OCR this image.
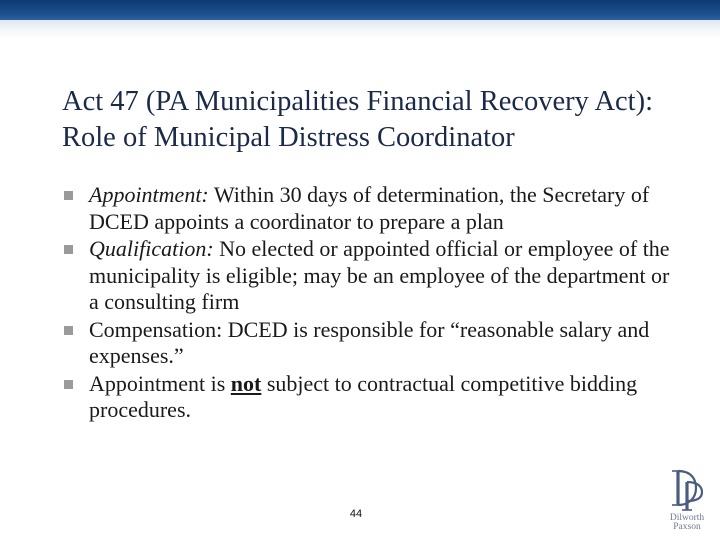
Act 47 (PA Municipalities Financial Recovery Act): Role of Municipal Distress Coordinator
Appointment: Within 30 days of determination, the Secretary of DCED appoints a coordinator to prepare a plan
Qualification: No elected or appointed official or employee of the municipality is eligible; may be an employee of the department or a consulting firm
Compensation: DCED is responsible for “reasonable salary and expenses.”
Appointment is not subject to contractual competitive bidding procedures.
44	Dilworth
Paxson
